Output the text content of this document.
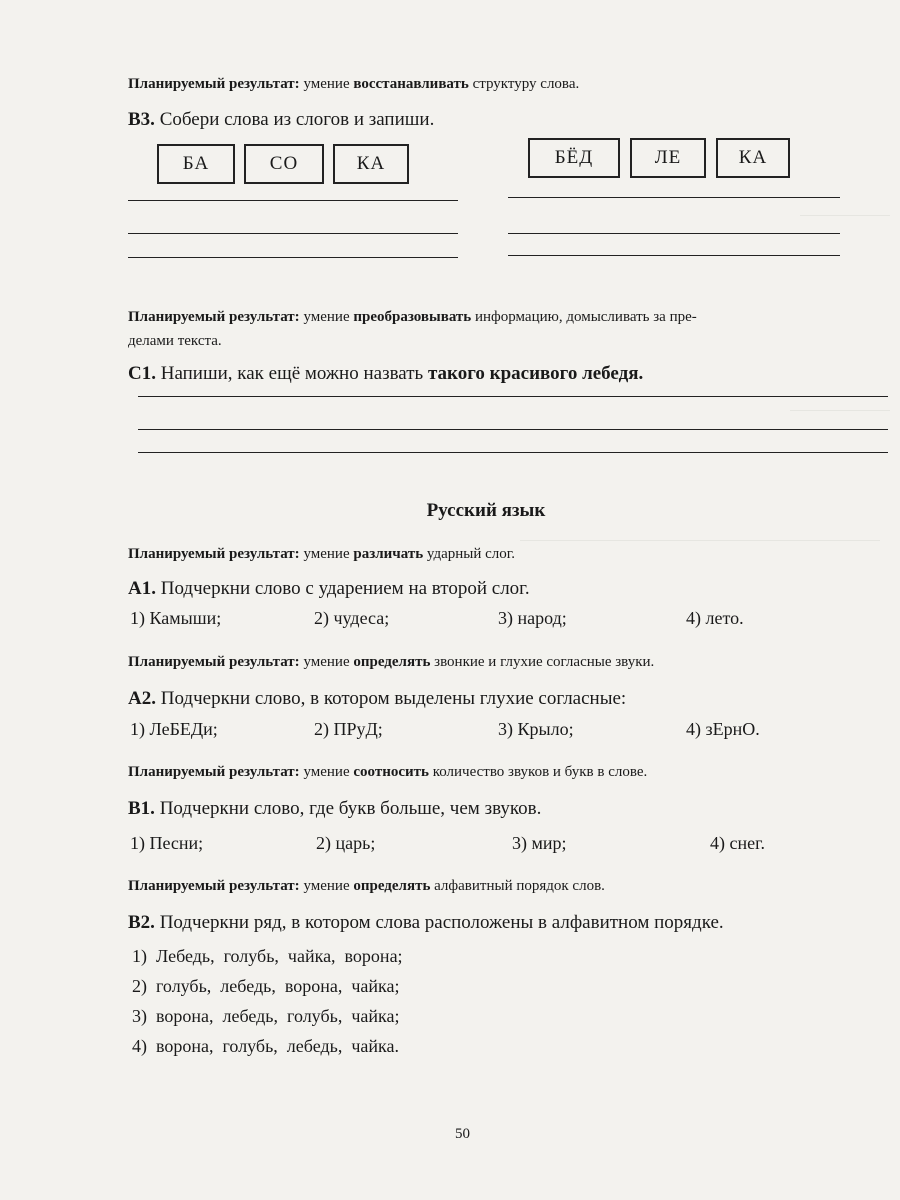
Планируемый результат: умение восстанавливать структуру слова.
В3. Собери слова из слогов и запиши.
БА	СО	КА	БЁД	ЛЕ	КА
Планируемый результат: умение преобразовывать информацию, домысливать за пре-
делами текста.
С1. Напиши, как ещё можно назвать такого красивого лебедя.
Русский язык
Планируемый результат: умение различать ударный слог.
А1. Подчеркни слово с ударением на второй слог.
1) Камыши;	2) чудеса;	3) народ;	4) лето.
Планируемый результат: умение определять звонкие и глухие согласные звуки.
А2. Подчеркни слово, в котором выделены глухие согласные:
1) ЛеБЕДи;	2) ПРуД;	3) Крыло;	4) зЕрнО.
Планируемый результат: умение соотносить количество звуков и букв в слове.
В1. Подчеркни слово, где букв больше, чем звуков.
1) Песни;	2) царь;	3) мир;	4) снег.
Планируемый результат: умение определять алфавитный порядок слов.
В2. Подчеркни ряд, в котором слова расположены в алфавитном порядке.

1)  Лебедь,  голубь,  чайка,  ворона;

2)  голубь,  лебедь,  ворона,  чайка;

3)  ворона,  лебедь,  голубь,  чайка;

4)  ворона,  голубь,  лебедь,  чайка.

50
